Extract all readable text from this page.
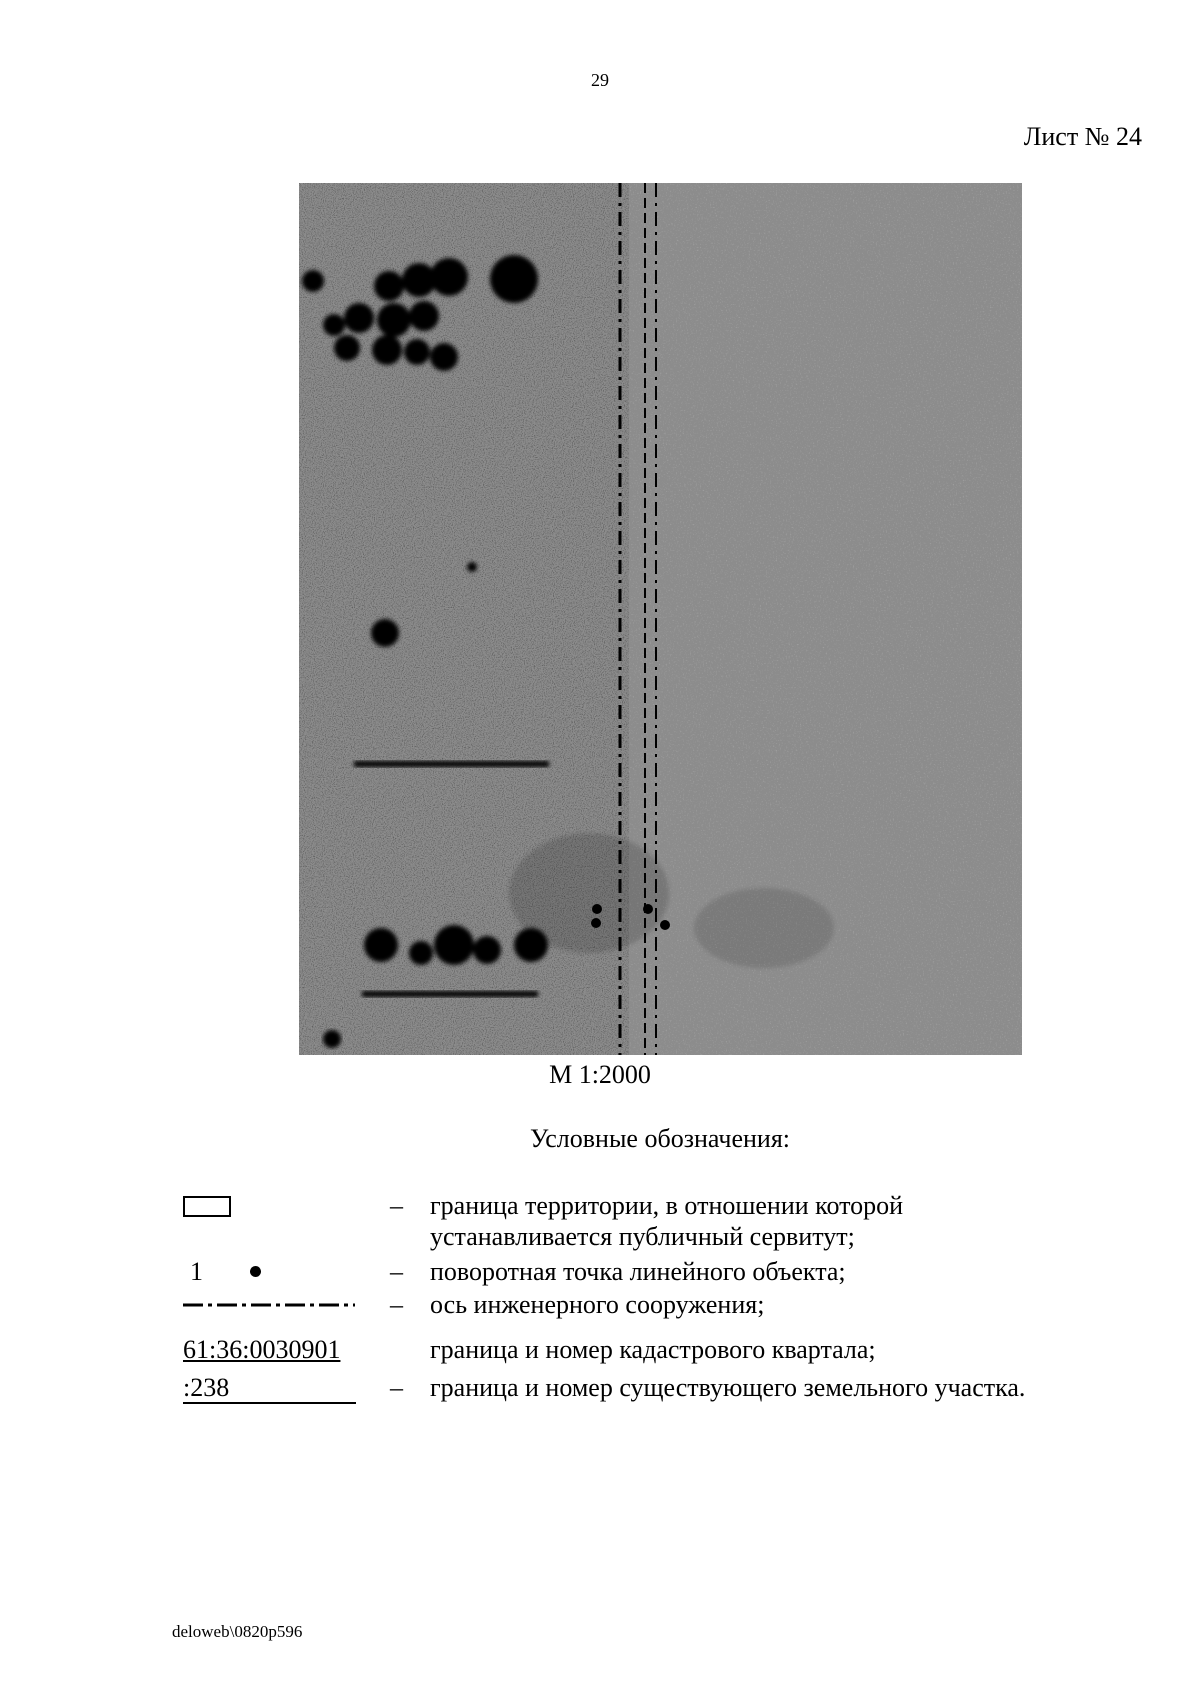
29
Лист № 24
М 1:2000
Условные обозначения:
– граница территории, в отношении которой
устанавливается публичный сервитут;
1	– поворотная точка линейного объекта;
– ось инженерного сооружения;
61:36:0030901	граница и номер кадастрового квартала;
:238	– граница и номер существующего земельного участка.
deloweb\0820p596
